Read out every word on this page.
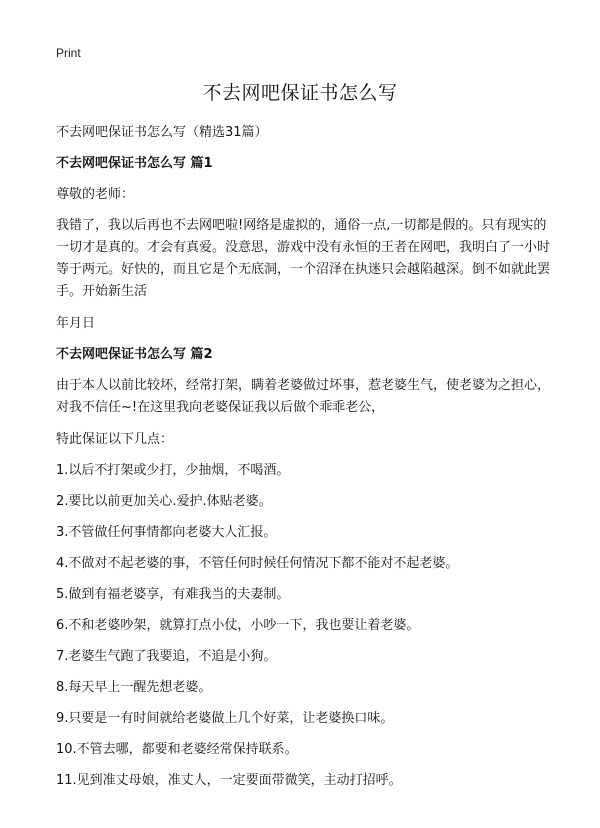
Print
不去网吧保证书怎么写

不去网吧保证书怎么写（精选31篇）

不去网吧保证书怎么写 篇1

尊敬的老师：

我错了，我以后再也不去网吧啦!网络是虚拟的，通俗一点,一切都是假的。只有现实的一切才是真的。才会有真爱。没意思，游戏中没有永恒的王者在网吧，我明白了一小时等于两元。好快的，而且它是个无底洞，一个沼泽在执迷只会越陷越深。倒不如就此罢手。开始新生活

年月日

不去网吧保证书怎么写 篇2

由于本人以前比较坏，经常打架，瞒着老婆做过坏事，惹老婆生气，使老婆为之担心，对我不信任~!在这里我向老婆保证我以后做个乖乖老公，

特此保证以下几点：

1.以后不打架或少打，少抽烟，不喝酒。

2.要比以前更加关心.爱护.体贴老婆。

3.不管做任何事情都向老婆大人汇报。

4.不做对不起老婆的事，不管任何时候任何情况下都不能对不起老婆。

5.做到有福老婆享，有难我当的夫妻制。

6.不和老婆吵架，就算打点小仗，小吵一下，我也要让着老婆。

7.老婆生气跑了我要追，不追是小狗。

8.每天早上一醒先想老婆。

9.只要是一有时间就给老婆做上几个好菜，让老婆换口味。

10.不管去哪，都要和老婆经常保持联系。

11.见到准丈母娘，准丈人，一定要面带微笑，主动打招呼。
